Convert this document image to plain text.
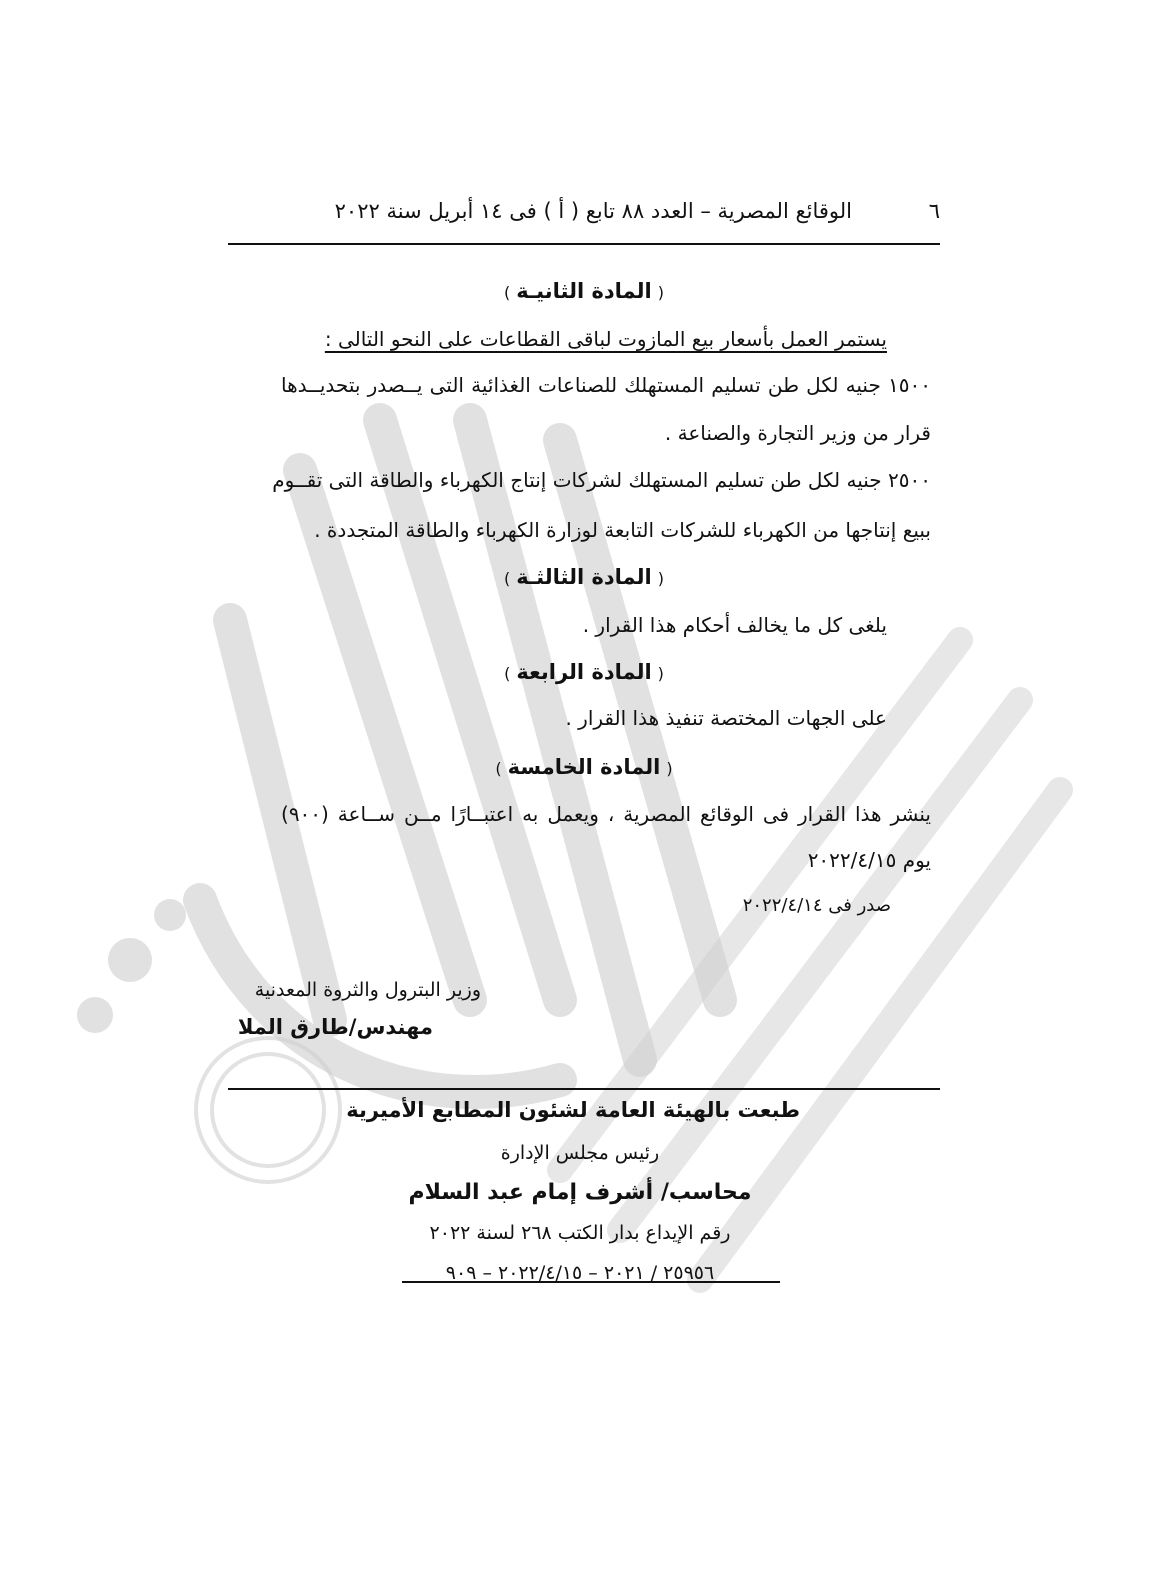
٦
الوقائع المصرية – العدد ٨٨ تابع ( أ ) فى ١٤ أبريل سنة ٢٠٢٢
(المادة الثانيـة)
يستمر العمل بأسعار بيع المازوت لباقى القطاعات على النحو التالى :
١٥٠٠ جنيه لكل طن تسليم المستهلك للصناعات الغذائية التى يــصدر بتحديــدها
قرار من وزير التجارة والصناعة .
٢٥٠٠ جنيه لكل طن تسليم المستهلك لشركات إنتاج الكهرباء والطاقة التى تقــوم
ببيع إنتاجها من الكهرباء للشركات التابعة لوزارة الكهرباء والطاقة المتجددة .
(المادة الثالثـة)
يلغى كل ما يخالف أحكام هذا القرار .
(المادة الرابعة)
على الجهات المختصة تنفيذ هذا القرار .
(المادة الخامسة)
ينشر هذا القرار فى الوقائع المصرية ، ويعمل به اعتبــارًا مــن ســاعة (٩٠٠)
يوم ٢٠٢٢/٤/١٥
صدر فى ٢٠٢٢/٤/١٤
وزير البترول والثروة المعدنية
مهندس/طارق الملا
طبعت بالهيئة العامة لشئون المطابع الأميرية
رئيس مجلس الإدارة
محاسب/ أشرف إمام عبد السلام
رقم الإيداع بدار الكتب ٢٦٨ لسنة ٢٠٢٢
٢٥٩٥٦ / ٢٠٢١ – ٢٠٢٢/٤/١٥ – ٩٠٩
